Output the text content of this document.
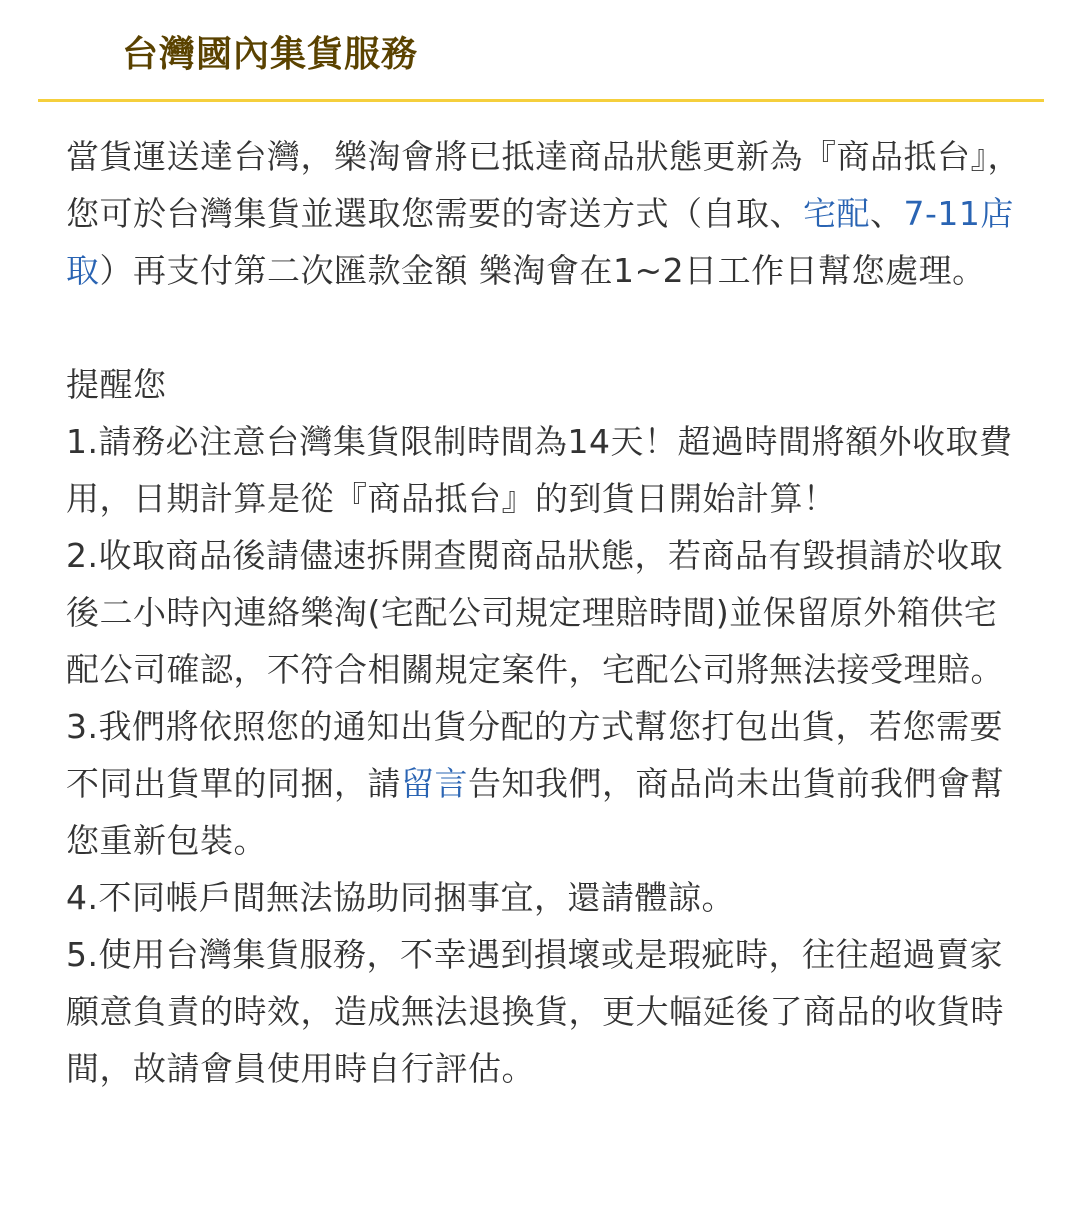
台灣國內集貨服務

當貨運送達台灣，樂淘會將已抵達商品狀態更新為『商品抵台』， 您可於台灣集貨並選取您需要的寄送方式（自取、宅配、7-11店取）再支付第二次匯款金額 樂淘會在1~2日工作日幫您處理。

提醒您

1.請務必注意台灣集貨限制時間為14天！超過時間將額外收取費用，日期計算是從『商品抵台』的到貨日開始計算！

2.收取商品後請儘速拆開查閱商品狀態，若商品有毀損請於收取後二小時內連絡樂淘(宅配公司規定理賠時間)並保留原外箱供宅配公司確認，不符合相關規定案件，宅配公司將無法接受理賠。

3.我們將依照您的通知出貨分配的方式幫您打包出貨，若您需要不同出貨單的同捆，請留言告知我們，商品尚未出貨前我們會幫您重新包裝。

4.不同帳戶間無法協助同捆事宜，還請體諒。

5.使用台灣集貨服務，不幸遇到損壞或是瑕疵時，往往超過賣家願意負責的時效，造成無法退換貨，更大幅延後了商品的收貨時間，故請會員使用時自行評估。
